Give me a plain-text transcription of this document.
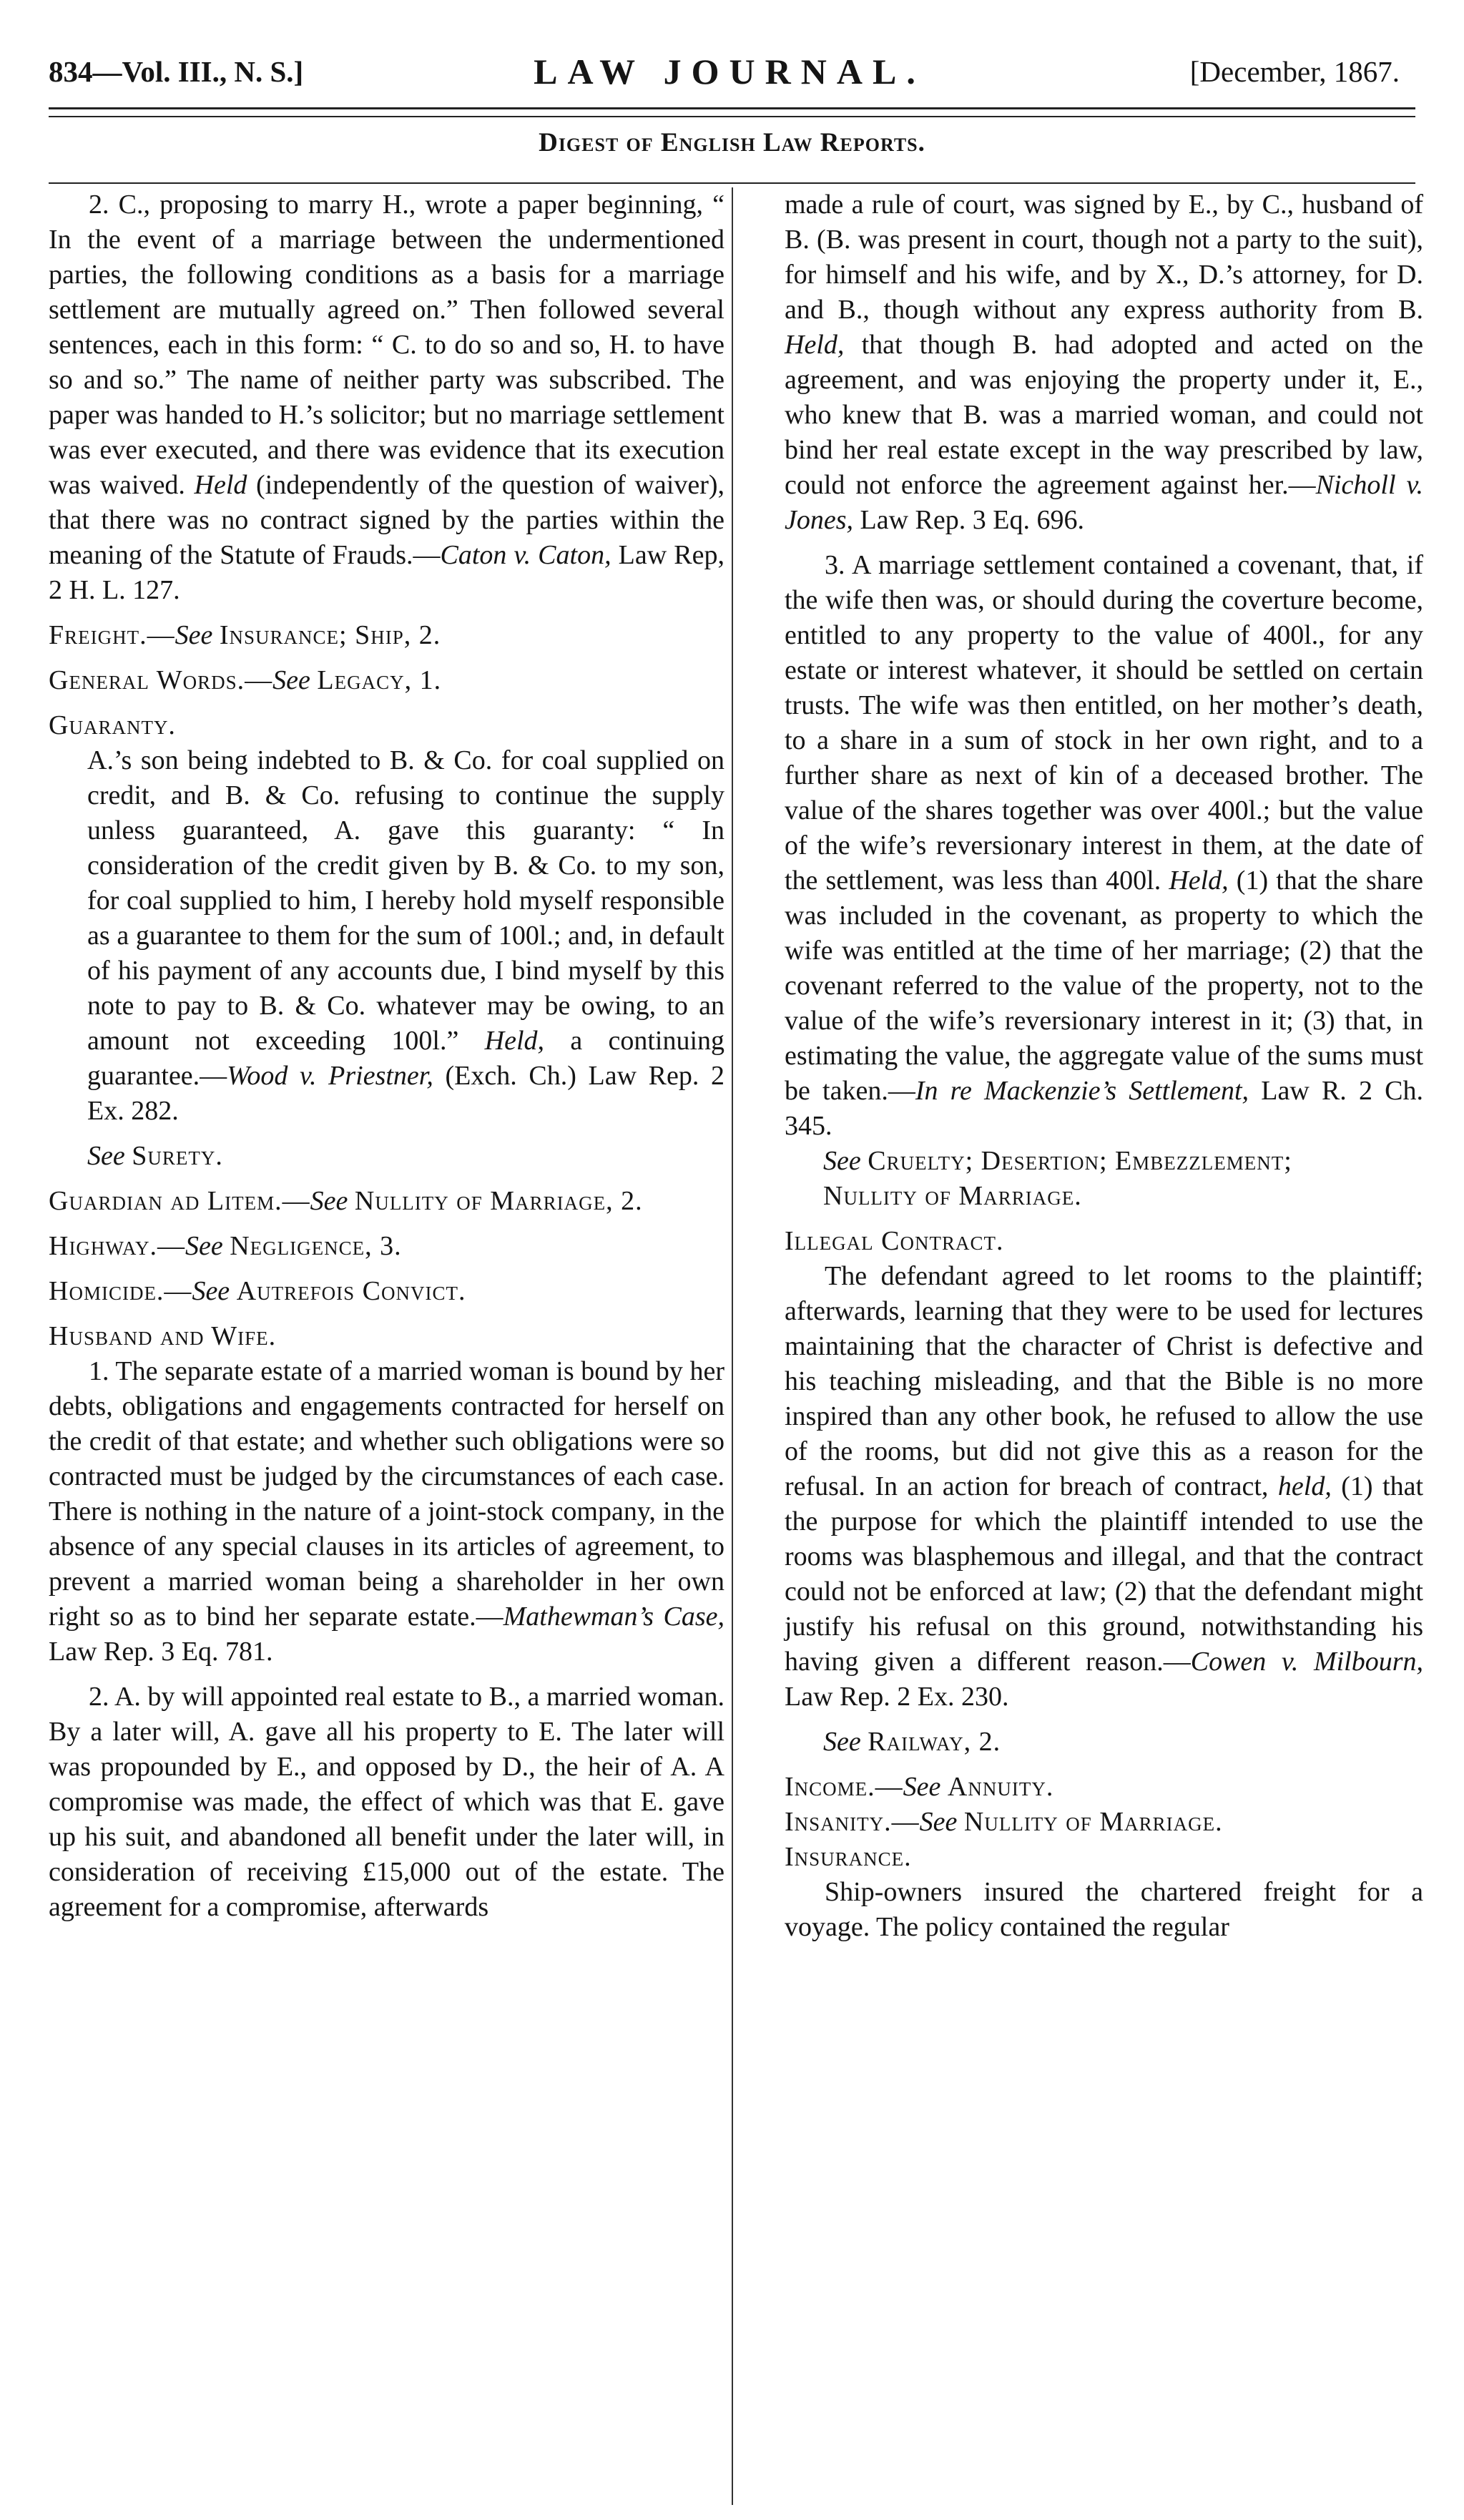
834—Vol. III., N. S.]	LAW JOURNAL.	[December, 1867.
Digest of English Law Reports.

2. C., proposing to marry H., wrote a paper beginning, “ In the event of a marriage between the undermentioned parties, the following conditions as a basis for a marriage settlement are mutually agreed on.” Then followed several sentences, each in this form: “ C. to do so and so, H. to have so and so.” The name of neither party was subscribed. The paper was handed to H.’s solicitor; but no marriage settlement was ever executed, and there was evidence that its execution was waived. Held (independently of the question of waiver), that there was no contract signed by the parties within the meaning of the Statute of Frauds.—Caton v. Caton, Law Rep, 2 H. L. 127.

Freight.—See Insurance; Ship, 2.

General Words.—See Legacy, 1.

Guaranty.

A.’s son being indebted to B. & Co. for coal supplied on credit, and B. & Co. refusing to continue the supply unless guaranteed, A. gave this guaranty: “ In consideration of the credit given by B. & Co. to my son, for coal supplied to him, I hereby hold myself responsible as a guarantee to them for the sum of 100l.; and, in default of his payment of any accounts due, I bind myself by this note to pay to B. & Co. whatever may be owing, to an amount not exceeding 100l.” Held, a continuing guarantee.—Wood v. Priestner, (Exch. Ch.) Law Rep. 2 Ex. 282.

See Surety.

Guardian ad Litem.—See Nullity of Marriage, 2.

Highway.—See Negligence, 3.

Homicide.—See Autrefois Convict.

Husband and Wife.

1. The separate estate of a married woman is bound by her debts, obligations and engagements contracted for herself on the credit of that estate; and whether such obligations were so contracted must be judged by the circumstances of each case. There is nothing in the nature of a joint-stock company, in the absence of any special clauses in its articles of agreement, to prevent a married woman being a shareholder in her own right so as to bind her separate estate.—Mathewman’s Case, Law Rep. 3 Eq. 781.

2. A. by will appointed real estate to B., a married woman. By a later will, A. gave all his property to E. The later will was propounded by E., and opposed by D., the heir of A. A compromise was made, the effect of which was that E. gave up his suit, and abandoned all benefit under the later will, in consideration of receiving £15,000 out of the estate. The agreement for a compromise, afterwards

made a rule of court, was signed by E., by C., husband of B. (B. was present in court, though not a party to the suit), for himself and his wife, and by X., D.’s attorney, for D. and B., though without any express authority from B. Held, that though B. had adopted and acted on the agreement, and was enjoying the property under it, E., who knew that B. was a married woman, and could not bind her real estate except in the way prescribed by law, could not enforce the agreement against her.—Nicholl v. Jones, Law Rep. 3 Eq. 696.

3. A marriage settlement contained a covenant, that, if the wife then was, or should during the coverture become, entitled to any property to the value of 400l., for any estate or interest whatever, it should be settled on certain trusts. The wife was then entitled, on her mother’s death, to a share in a sum of stock in her own right, and to a further share as next of kin of a deceased brother. The value of the shares together was over 400l.; but the value of the wife’s reversionary interest in them, at the date of the settlement, was less than 400l. Held, (1) that the share was included in the covenant, as property to which the wife was entitled at the time of her marriage; (2) that the covenant referred to the value of the property, not to the value of the wife’s reversionary interest in it; (3) that, in estimating the value, the aggregate value of the sums must be taken.—In re Mackenzie’s Settlement, Law R. 2 Ch. 345.

See Cruelty; Desertion; Embezzlement;

Nullity of Marriage.

Illegal Contract.

The defendant agreed to let rooms to the plaintiff; afterwards, learning that they were to be used for lectures maintaining that the character of Christ is defective and his teaching misleading, and that the Bible is no more inspired than any other book, he refused to allow the use of the rooms, but did not give this as a reason for the refusal. In an action for breach of contract, held, (1) that the purpose for which the plaintiff intended to use the rooms was blasphemous and illegal, and that the contract could not be enforced at law; (2) that the defendant might justify his refusal on this ground, notwithstanding his having given a different reason.—Cowen v. Milbourn, Law Rep. 2 Ex. 230.

See Railway, 2.

Income.—See Annuity.

Insanity.—See Nullity of Marriage.

Insurance.

Ship-owners insured the chartered freight for a voyage. The policy contained the regular
